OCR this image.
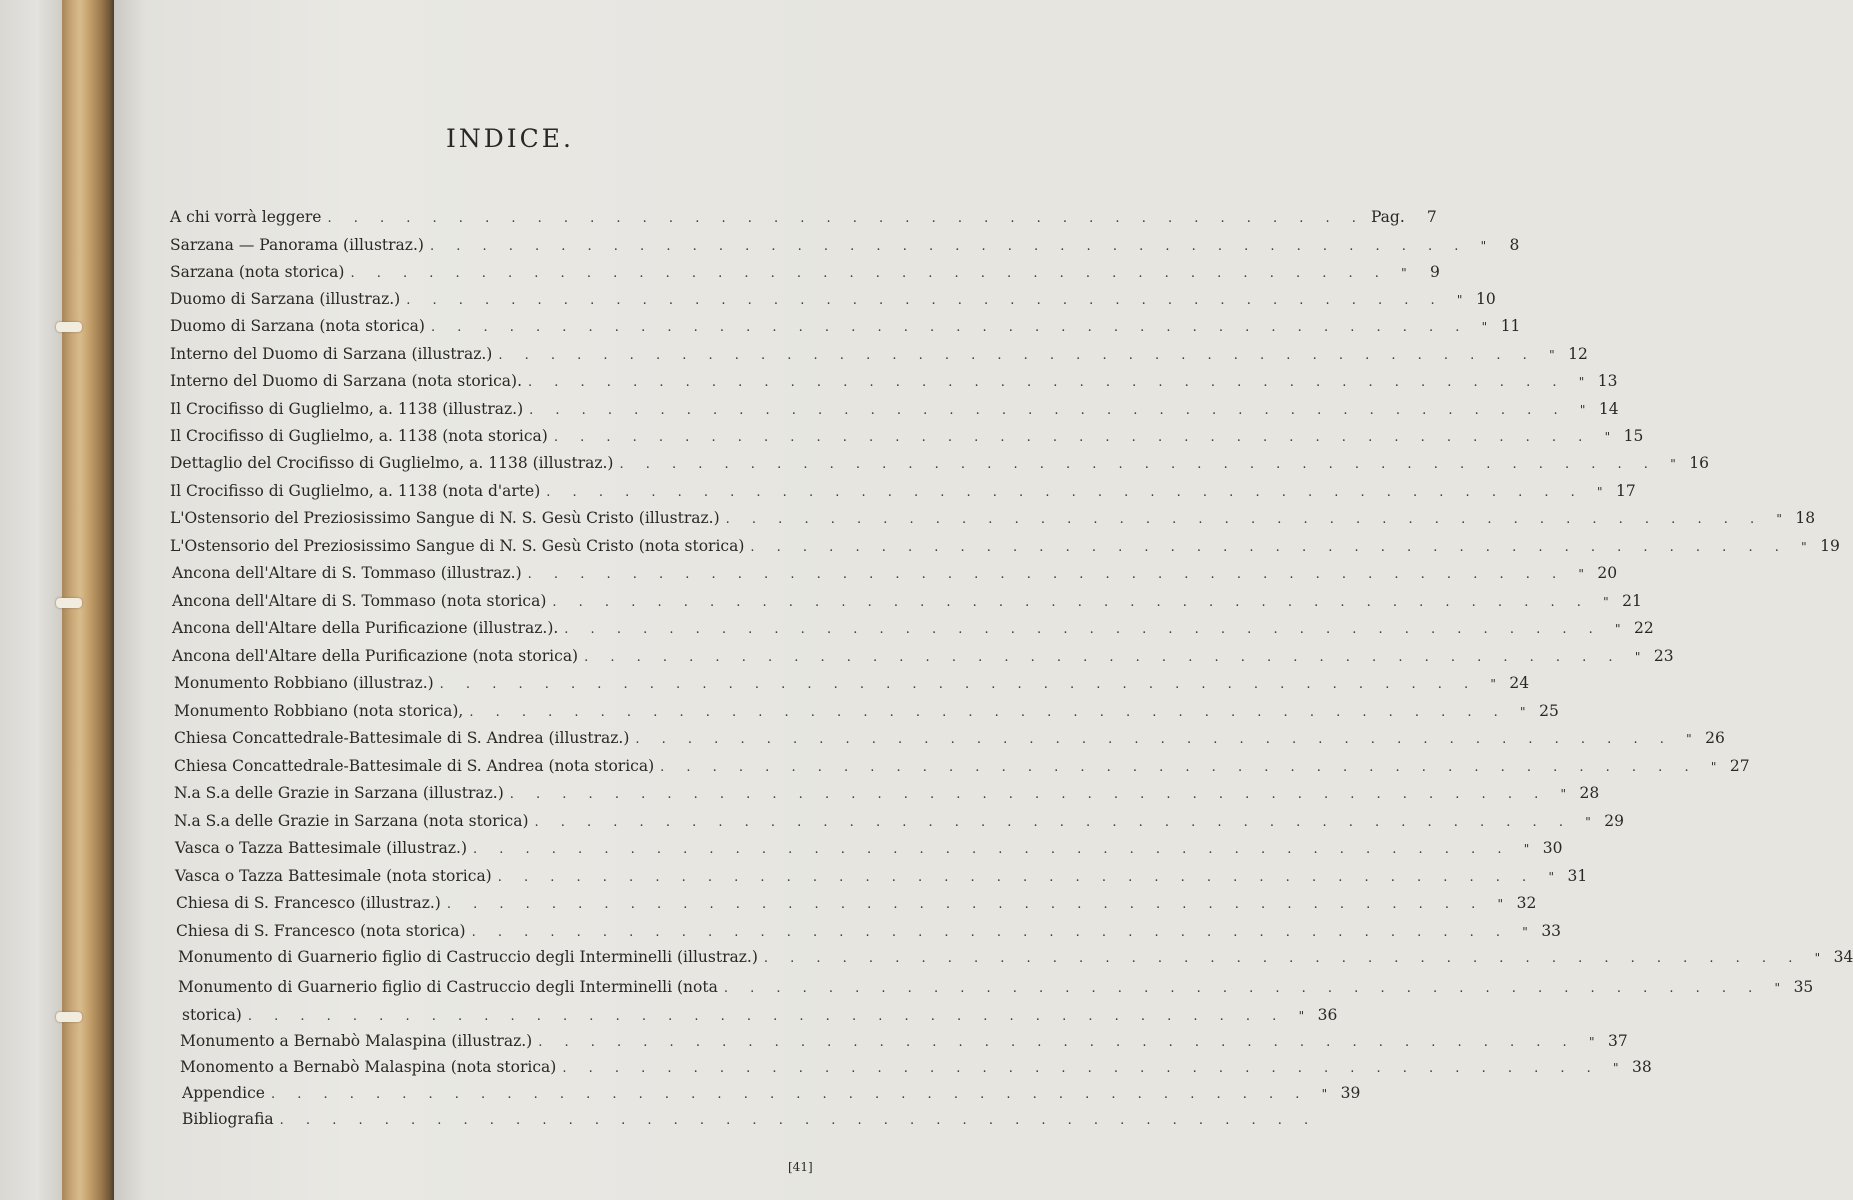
INDICE.
A chi vorrà leggere . . . . . . . . . . . . . . . . . . . . . . . . . . . . . . . . . . . . . . . . Pag.	7
Sarzana — Panorama (illustraz.) . . . . . . . . . . . . . . . . . . . . . . . . . . . . . . . . . . . . . . . .	"	8
Sarzana (nota storica) . . . . . . . . . . . . . . . . . . . . . . . . . . . . . . . . . . . . . . . .	"	9
Duomo di Sarzana (illustraz.) . . . . . . . . . . . . . . . . . . . . . . . . . . . . . . . . . . . . . . . .	" 10
Duomo di Sarzana (nota storica) . . . . . . . . . . . . . . . . . . . . . . . . . . . . . . . . . . . . . . . .	" 11
Interno del Duomo di Sarzana (illustraz.) . . . . . . . . . . . . . . . . . . . . . . . . . . . . . . . . . . . . . . . .	" 12
Interno del Duomo di Sarzana (nota storica). . . . . . . . . . . . . . . . . . . . . . . . . . . . . . . . . . . . . . . . .	" 13
Il Crocifisso di Guglielmo, a. 1138 (illustraz.) . . . . . . . . . . . . . . . . . . . . . . . . . . . . . . . . . . . . . . . .	" 14
Il Crocifisso di Guglielmo, a. 1138 (nota storica) . . . . . . . . . . . . . . . . . . . . . . . . . . . . . . . . . . . . . . . .	" 15
Dettaglio del Crocifisso di Guglielmo, a. 1138 (illustraz.) . . . . . . . . . . . . . . . . . . . . . . . . . . . . . . . . . . . . . . . .	" 16
Il Crocifisso di Guglielmo, a. 1138 (nota d'arte) . . . . . . . . . . . . . . . . . . . . . . . . . . . . . . . . . . . . . . . .	" 17
L'Ostensorio del Preziosissimo Sangue di N. S. Gesù Cristo (illustraz.) . . . . . . . . . . . . . . . . . . . . . . . . . . . . . . . . . . . . . . . .	" 18
L'Ostensorio del Preziosissimo Sangue di N. S. Gesù Cristo (nota storica) . . . . . . . . . . . . . . . . . . . . . . . . . . . . . . . . . . . . . . . .	" 19
Ancona dell'Altare di S. Tommaso (illustraz.) . . . . . . . . . . . . . . . . . . . . . . . . . . . . . . . . . . . . . . . .	" 20
Ancona dell'Altare di S. Tommaso (nota storica) . . . . . . . . . . . . . . . . . . . . . . . . . . . . . . . . . . . . . . . .	" 21
Ancona dell'Altare della Purificazione (illustraz.). . . . . . . . . . . . . . . . . . . . . . . . . . . . . . . . . . . . . . . . .	" 22
Ancona dell'Altare della Purificazione (nota storica) . . . . . . . . . . . . . . . . . . . . . . . . . . . . . . . . . . . . . . . .	" 23
Monumento Robbiano (illustraz.) . . . . . . . . . . . . . . . . . . . . . . . . . . . . . . . . . . . . . . . .	" 24
Monumento Robbiano (nota storica), . . . . . . . . . . . . . . . . . . . . . . . . . . . . . . . . . . . . . . . .	" 25
Chiesa Concattedrale-Battesimale di S. Andrea (illustraz.) . . . . . . . . . . . . . . . . . . . . . . . . . . . . . . . . . . . . . . . .	" 26
Chiesa Concattedrale-Battesimale di S. Andrea (nota storica) . . . . . . . . . . . . . . . . . . . . . . . . . . . . . . . . . . . . . . . .	" 27
N.a S.a delle Grazie in Sarzana (illustraz.) . . . . . . . . . . . . . . . . . . . . . . . . . . . . . . . . . . . . . . . .	" 28
N.a S.a delle Grazie in Sarzana (nota storica) . . . . . . . . . . . . . . . . . . . . . . . . . . . . . . . . . . . . . . . .	" 29
Vasca o Tazza Battesimale (illustraz.) . . . . . . . . . . . . . . . . . . . . . . . . . . . . . . . . . . . . . . . .	" 30
Vasca o Tazza Battesimale (nota storica) . . . . . . . . . . . . . . . . . . . . . . . . . . . . . . . . . . . . . . . .	" 31
Chiesa di S. Francesco (illustraz.) . . . . . . . . . . . . . . . . . . . . . . . . . . . . . . . . . . . . . . . .	" 32
Chiesa di S. Francesco (nota storica) . . . . . . . . . . . . . . . . . . . . . . . . . . . . . . . . . . . . . . . .	" 33
Monumento di Guarnerio figlio di Castruccio degli Interminelli (illustraz.) . . . . . . . . . . . . . . . . . . . . . . . . . . . . . . . . . . . . . . . .	" 34
Monumento di Guarnerio figlio di Castruccio degli Interminelli (nota . . . . . . . . . . . . . . . . . . . . . . . . . . . . . . . . . . . . . . . .	" 35
storica) . . . . . . . . . . . . . . . . . . . . . . . . . . . . . . . . . . . . . . . .	" 36
Monumento a Bernabò Malaspina (illustraz.) . . . . . . . . . . . . . . . . . . . . . . . . . . . . . . . . . . . . . . . .	" 37
Monomento a Bernabò Malaspina (nota storica) . . . . . . . . . . . . . . . . . . . . . . . . . . . . . . . . . . . . . . . .	" 38
Appendice . . . . . . . . . . . . . . . . . . . . . . . . . . . . . . . . . . . . . . . .	" 39
Bibliografia . . . . . . . . . . . . . . . . . . . . . . . . . . . . . . . . . . . . . . . .
[41]
